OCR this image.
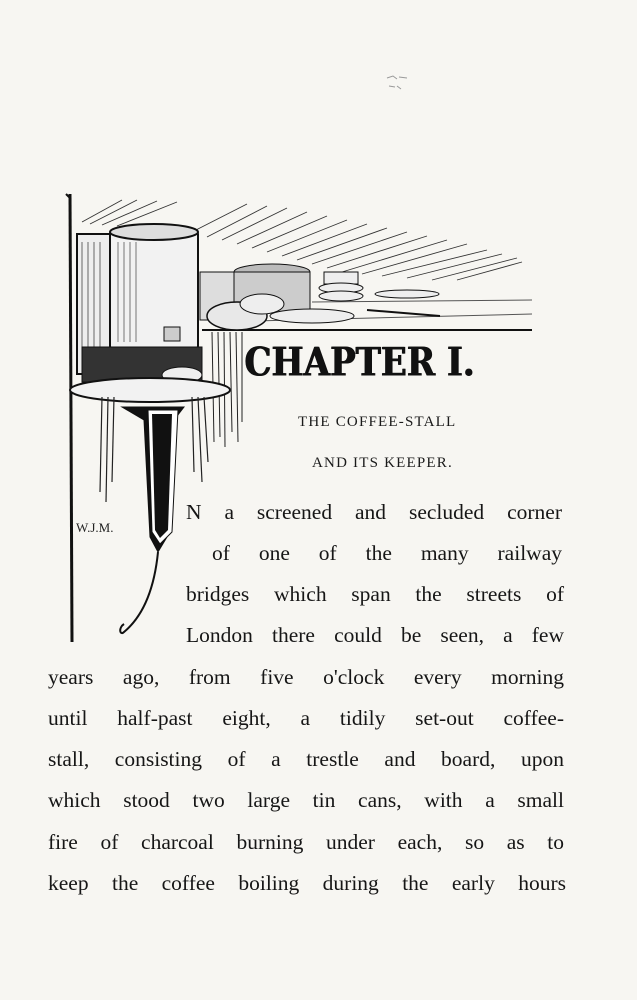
W.J.M.
CHAPTER I.
THE COFFEE-STALL
AND ITS KEEPER.
N a screened and secluded corner
of one of the many railway
bridges which span the streets of
London there could be seen, a few
years ago, from five o'clock every morning
until half-past eight, a tidily set-out coffee-
stall, consisting of a trestle and board, upon
which stood two large tin cans, with a small
fire of charcoal burning under each, so as to
keep the coffee boiling during the early hours
